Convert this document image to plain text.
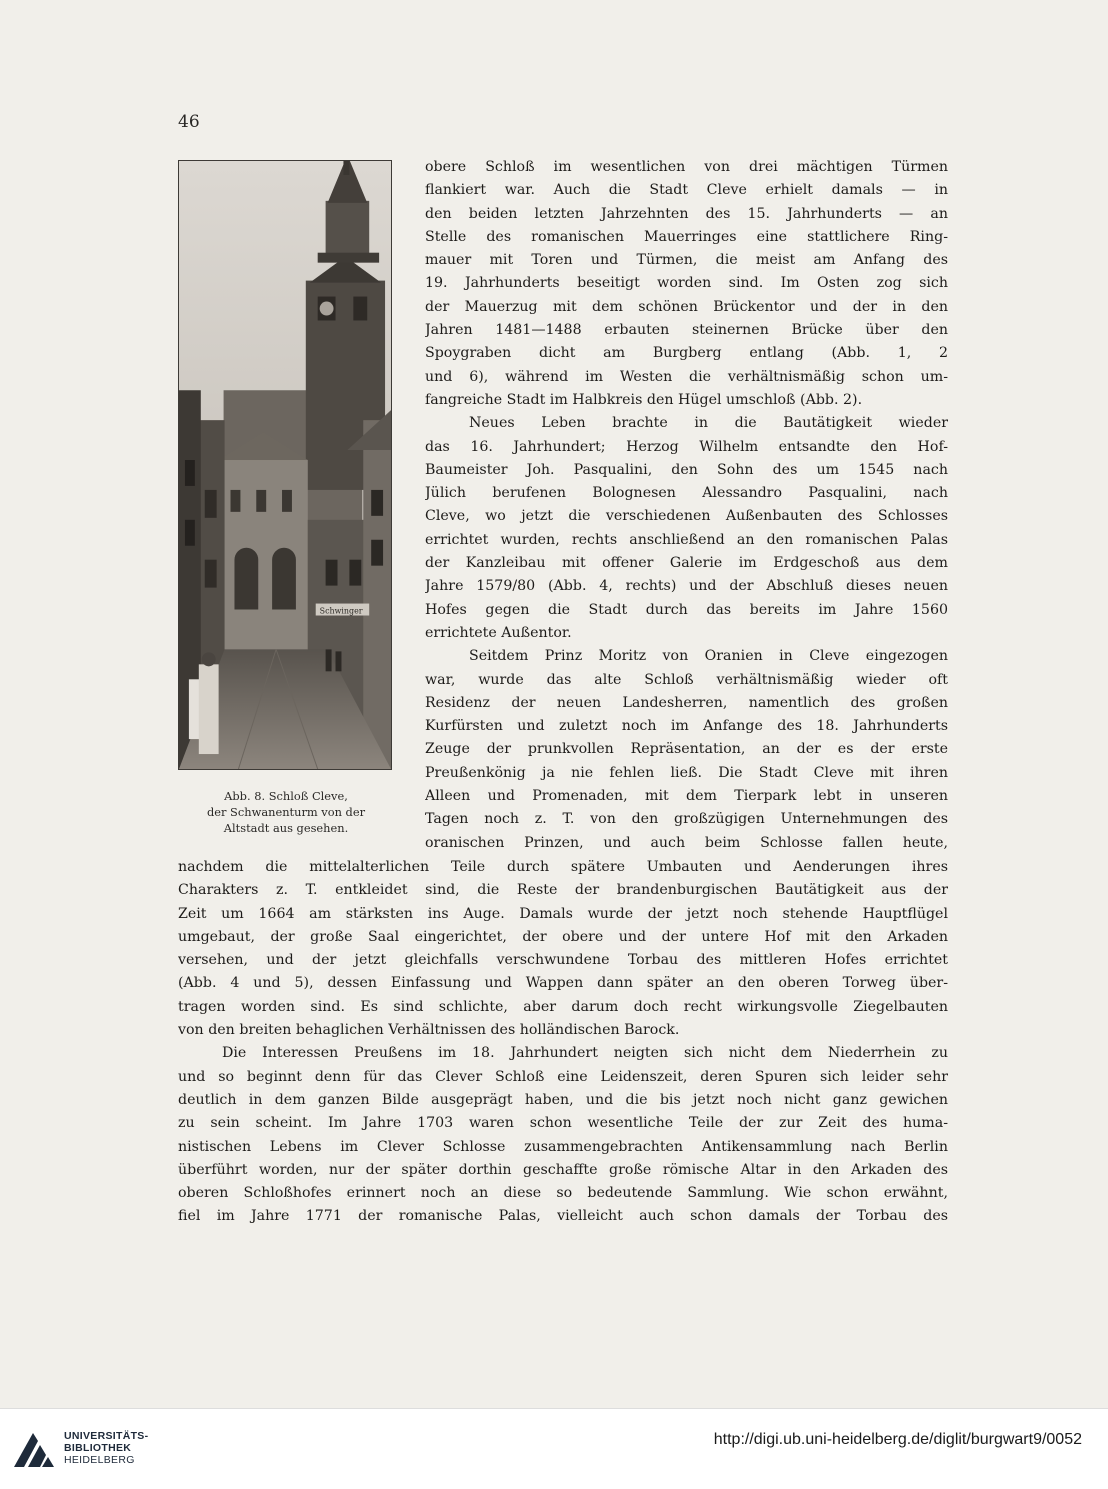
46
Schwinger

Abb. 8. Schloß Cleve,

der Schwanenturm von der

Altstadt aus gesehen.

obere Schloß im wesentlichen von drei mächtigen Türmen

flankiert war. Auch die Stadt Cleve erhielt damals — in

den beiden letzten Jahrzehnten des 15. Jahrhunderts — an

Stelle des romanischen Mauerringes eine stattlichere Ring-

mauer mit Toren und Türmen, die meist am Anfang des

19. Jahrhunderts beseitigt worden sind. Im Osten zog sich

der Mauerzug mit dem schönen Brückentor und der in den

Jahren 1481—1488 erbauten steinernen Brücke über den

Spoygraben dicht am Burgberg entlang (Abb. 1, 2

und 6), während im Westen die verhältnismäßig schon um-

fangreiche Stadt im Halbkreis den Hügel umschloß (Abb. 2).

Neues Leben brachte in die Bautätigkeit wieder

das 16. Jahrhundert; Herzog Wilhelm entsandte den Hof-

Baumeister Joh. Pasqualini, den Sohn des um 1545 nach

Jülich berufenen Bolognesen Alessandro Pasqualini, nach

Cleve, wo jetzt die verschiedenen Außenbauten des Schlosses

errichtet wurden, rechts anschließend an den romanischen Palas

der Kanzleibau mit offener Galerie im Erdgeschoß aus dem

Jahre 1579/80 (Abb. 4, rechts) und der Abschluß dieses neuen

Hofes gegen die Stadt durch das bereits im Jahre 1560

errichtete Außentor.

Seitdem Prinz Moritz von Oranien in Cleve eingezogen

war, wurde das alte Schloß verhältnismäßig wieder oft

Residenz der neuen Landesherren, namentlich des großen

Kurfürsten und zuletzt noch im Anfange des 18. Jahrhunderts

Zeuge der prunkvollen Repräsentation, an der es der erste

Preußenkönig ja nie fehlen ließ. Die Stadt Cleve mit ihren

Alleen und Promenaden, mit dem Tierpark lebt in unseren

Tagen noch z. T. von den großzügigen Unternehmungen des

oranischen Prinzen, und auch beim Schlosse fallen heute,

nachdem die mittelalterlichen Teile durch spätere Umbauten und Aenderungen ihres

Charakters z. T. entkleidet sind, die Reste der brandenburgischen Bautätigkeit aus der

Zeit um 1664 am stärksten ins Auge. Damals wurde der jetzt noch stehende Hauptflügel

umgebaut, der große Saal eingerichtet, der obere und der untere Hof mit den Arkaden

versehen, und der jetzt gleichfalls verschwundene Torbau des mittleren Hofes errichtet

(Abb. 4 und 5), dessen Einfassung und Wappen dann später an den oberen Torweg über-

tragen worden sind. Es sind schlichte, aber darum doch recht wirkungsvolle Ziegelbauten

von den breiten behaglichen Verhältnissen des holländischen Barock.

Die Interessen Preußens im 18. Jahrhundert neigten sich nicht dem Niederrhein zu

und so beginnt denn für das Clever Schloß eine Leidenszeit, deren Spuren sich leider sehr

deutlich in dem ganzen Bilde ausgeprägt haben, und die bis jetzt noch nicht ganz gewichen

zu sein scheint. Im Jahre 1703 waren schon wesentliche Teile der zur Zeit des huma-

nistischen Lebens im Clever Schlosse zusammengebrachten Antikensammlung nach Berlin

überführt worden, nur der später dorthin geschaffte große römische Altar in den Arkaden des

oberen Schloßhofes erinnert noch an diese so bedeutende Sammlung. Wie schon erwähnt,

fiel im Jahre 1771 der romanische Palas, vielleicht auch schon damals der Torbau des

UNIVERSITÄTS-
BIBLIOTHEK
HEIDELBERG
http://digi.ub.uni-heidelberg.de/diglit/burgwart9/0052
